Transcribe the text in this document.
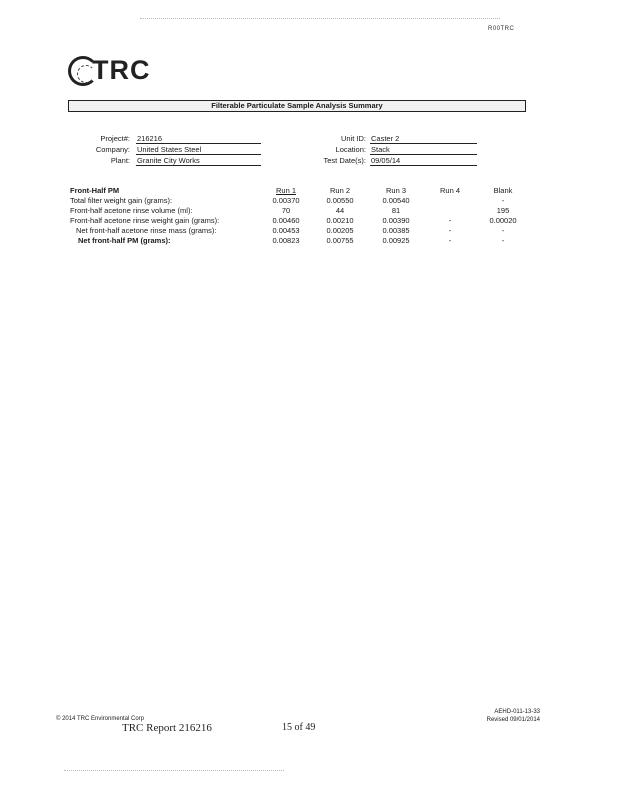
R00TRC
TRC
Filterable Particulate Sample Analysis Summary
Project#: 216216
Company: United States Steel
Plant: Granite City Works
Unit ID: Caster 2
Location: Stack
Test Date(s): 09/05/14
Front-Half PM	Run 1	Run 2	Run 3	Run 4	Blank
Total filter weight gain (grams):	0.00370	0.00550	0.00540		-
Front-half acetone rinse volume (ml):	70	44	81		195
Front-half acetone rinse weight gain (grams):	0.00460	0.00210	0.00390	-	0.00020
Net front-half acetone rinse mass (grams):	0.00453	0.00205	0.00385	-	-
Net front-half PM (grams):	0.00823	0.00755	0.00925	-	-
© 2014 TRC Environmental Corp
TRC Report 216216	15 of 49
AEHD-011-13-33
Revised 09/01/2014
